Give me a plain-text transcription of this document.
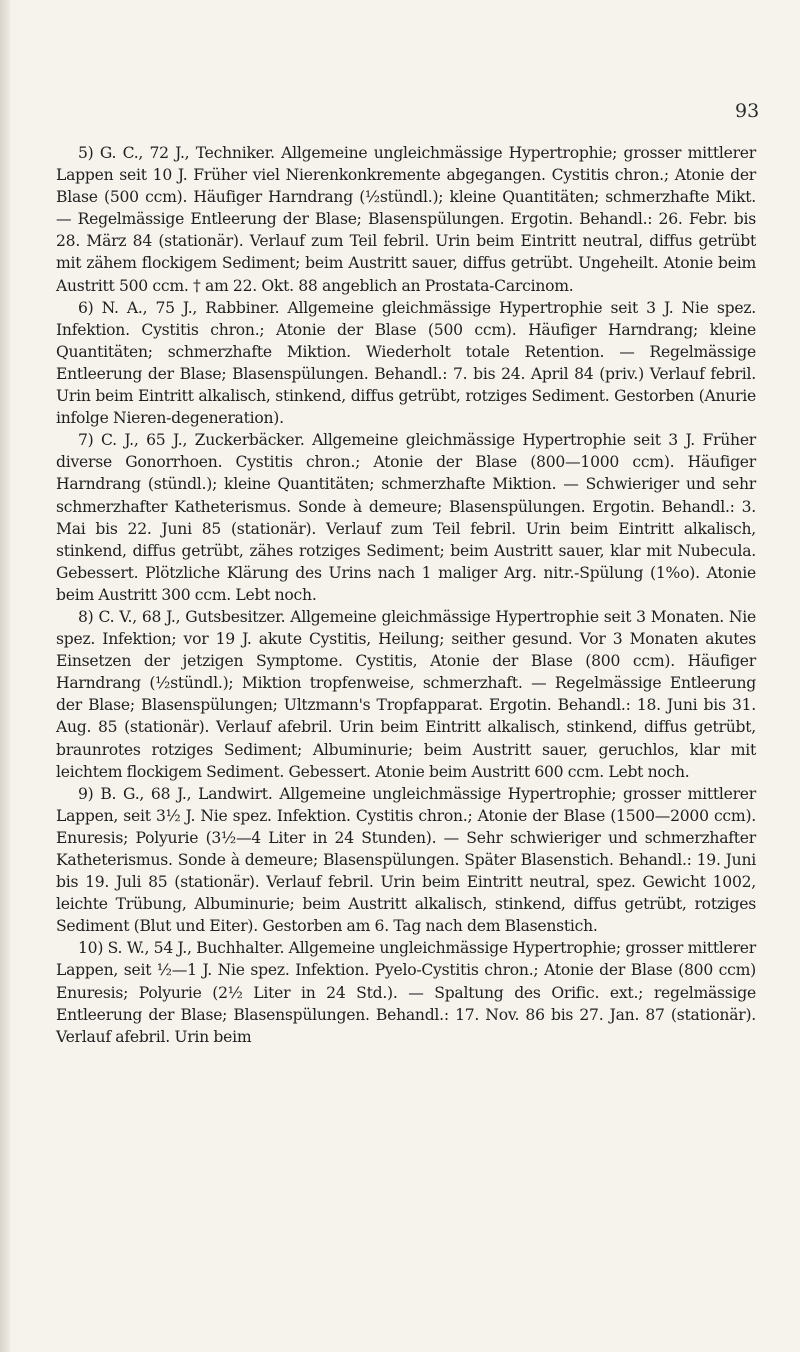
93

5) G. C., 72 J., Techniker. Allgemeine ungleichmässige Hypertrophie; grosser mittlerer Lappen seit 10 J. Früher viel Nierenkonkremente abgegangen. Cystitis chron.; Atonie der Blase (500 ccm). Häufiger Harndrang (½stündl.); kleine Quantitäten; schmerzhafte Mikt. — Regelmässige Entleerung der Blase; Blasenspülungen. Ergotin. Behandl.: 26. Febr. bis 28. März 84 (stationär). Verlauf zum Teil febril. Urin beim Eintritt neutral, diffus getrübt mit zähem flockigem Sediment; beim Austritt sauer, diffus getrübt. Ungeheilt. Atonie beim Austritt 500 ccm. † am 22. Okt. 88 angeblich an Prostata-Carcinom.

6) N. A., 75 J., Rabbiner. Allgemeine gleichmässige Hypertrophie seit 3 J. Nie spez. Infektion. Cystitis chron.; Atonie der Blase (500 ccm). Häufiger Harndrang; kleine Quantitäten; schmerzhafte Miktion. Wiederholt totale Retention. — Regelmässige Entleerung der Blase; Blasenspülungen. Behandl.: 7. bis 24. April 84 (priv.) Verlauf febril. Urin beim Eintritt alkalisch, stinkend, diffus getrübt, rotziges Sediment. Gestorben (Anurie infolge Nieren-degeneration).

7) C. J., 65 J., Zuckerbäcker. Allgemeine gleichmässige Hypertrophie seit 3 J. Früher diverse Gonorrhoen. Cystitis chron.; Atonie der Blase (800—1000 ccm). Häufiger Harndrang (stündl.); kleine Quantitäten; schmerzhafte Miktion. — Schwieriger und sehr schmerzhafter Katheterismus. Sonde à demeure; Blasenspülungen. Ergotin. Behandl.: 3. Mai bis 22. Juni 85 (stationär). Verlauf zum Teil febril. Urin beim Eintritt alkalisch, stinkend, diffus getrübt, zähes rotziges Sediment; beim Austritt sauer, klar mit Nubecula. Gebessert. Plötzliche Klärung des Urins nach 1 maliger Arg. nitr.-Spülung (1%o). Atonie beim Austritt 300 ccm. Lebt noch.

8) C. V., 68 J., Gutsbesitzer. Allgemeine gleichmässige Hypertrophie seit 3 Monaten. Nie spez. Infektion; vor 19 J. akute Cystitis, Heilung; seither gesund. Vor 3 Monaten akutes Einsetzen der jetzigen Symptome. Cystitis, Atonie der Blase (800 ccm). Häufiger Harndrang (½stündl.); Miktion tropfenweise, schmerzhaft. — Regelmässige Entleerung der Blase; Blasenspülungen; Ultzmann's Tropfapparat. Ergotin. Behandl.: 18. Juni bis 31. Aug. 85 (stationär). Verlauf afebril. Urin beim Eintritt alkalisch, stinkend, diffus getrübt, braunrotes rotziges Sediment; Albuminurie; beim Austritt sauer, geruchlos, klar mit leichtem flockigem Sediment. Gebessert. Atonie beim Austritt 600 ccm. Lebt noch.

9) B. G., 68 J., Landwirt. Allgemeine ungleichmässige Hypertrophie; grosser mittlerer Lappen, seit 3½ J. Nie spez. Infektion. Cystitis chron.; Atonie der Blase (1500—2000 ccm). Enuresis; Polyurie (3½—4 Liter in 24 Stunden). — Sehr schwieriger und schmerzhafter Katheterismus. Sonde à demeure; Blasenspülungen. Später Blasenstich. Behandl.: 19. Juni bis 19. Juli 85 (stationär). Verlauf febril. Urin beim Eintritt neutral, spez. Gewicht 1002, leichte Trübung, Albuminurie; beim Austritt alkalisch, stinkend, diffus getrübt, rotziges Sediment (Blut und Eiter). Gestorben am 6. Tag nach dem Blasenstich.

10) S. W., 54 J., Buchhalter. Allgemeine ungleichmässige Hypertrophie; grosser mittlerer Lappen, seit ½—1 J. Nie spez. Infektion. Pyelo-Cystitis chron.; Atonie der Blase (800 ccm) Enuresis; Polyurie (2½ Liter in 24 Std.). — Spaltung des Orific. ext.; regelmässige Entleerung der Blase; Blasenspülungen. Behandl.: 17. Nov. 86 bis 27. Jan. 87 (stationär). Verlauf afebril. Urin beim
